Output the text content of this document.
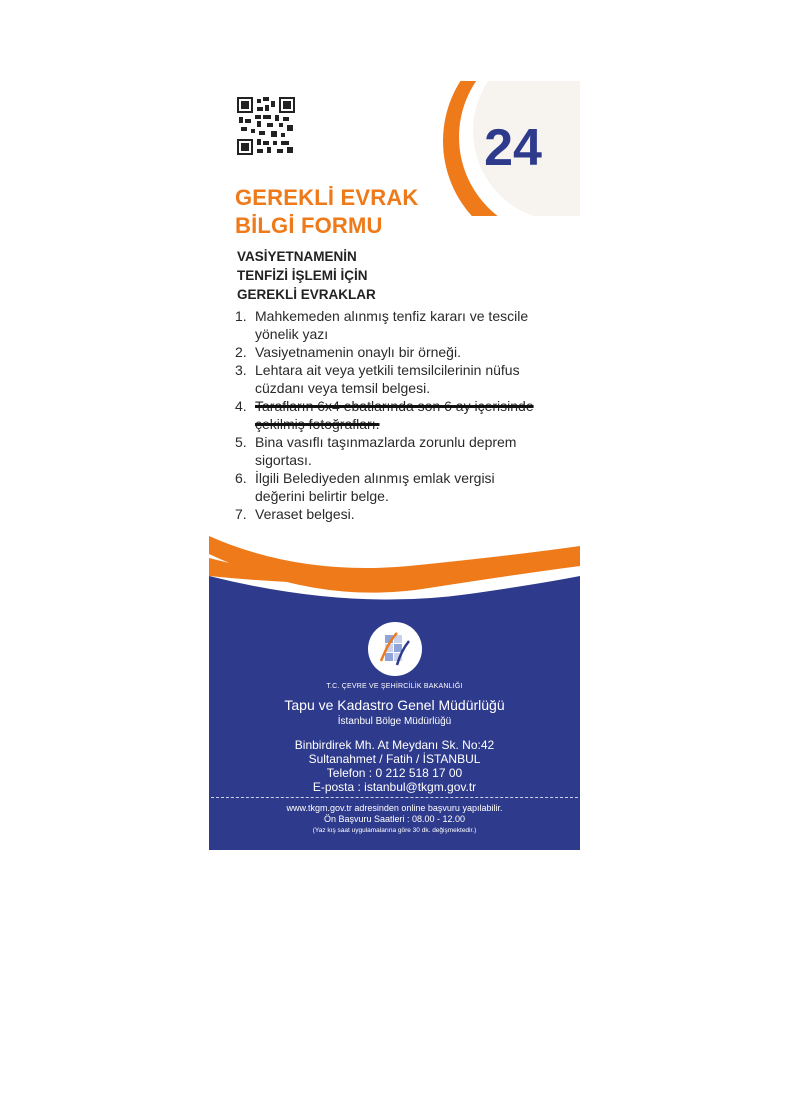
24
GEREKLİ EVRAK
BİLGİ FORMU
VASİYETNAMENİN
TENFİZİ İŞLEMİ İÇİN
GEREKLİ EVRAKLAR
1. Mahkemeden alınmış tenfiz kararı ve tescile yönelik yazı
2. Vasiyetnamenin onaylı bir örneği.
3. Lehtara ait veya yetkili temsilcilerinin nüfus cüzdanı veya temsil belgesi.
4. Tarafların 6x4 ebatlarında son 6 ay içerisinde çekilmiş fotoğrafları.
5. Bina vasıflı taşınmazlarda zorunlu deprem sigortası.
6. İlgili Belediyeden alınmış emlak vergisi değerini belirtir belge.
7. Veraset belgesi.
T.C. ÇEVRE VE ŞEHİRCİLİK BAKANLIĞI
Tapu ve Kadastro Genel Müdürlüğü
İstanbul Bölge Müdürlüğü
Binbirdirek Mh. At Meydanı Sk. No:42
Sultanahmet / Fatih / İSTANBUL
Telefon : 0 212 518 17 00
E-posta : istanbul@tkgm.gov.tr
www.tkgm.gov.tr adresinden online başvuru yapılabilir.
Ön Başvuru Saatleri : 08.00 - 12.00
(Yaz kış saat uygulamalarına göre 30 dk. değişmektedir.)
